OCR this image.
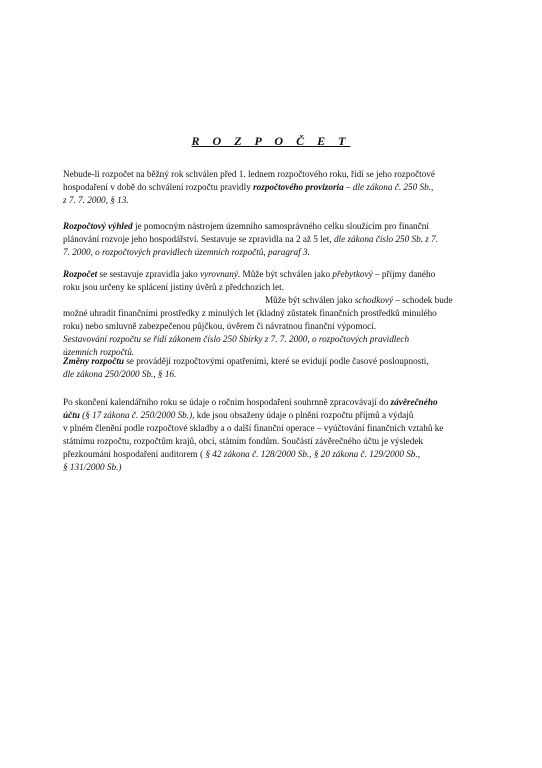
R O Z P O Č E T
Nebude-li rozpočet na běžný rok schválen před 1. lednem rozpočtového roku, řídí se jeho rozpočtové
hospodaření v době do schválení rozpočtu pravidly rozpočtového provizoria – dle zákona č. 250 Sb.,
z 7. 7. 2000, § 13.
Rozpočtový výhled je pomocným nástrojem územního samosprávného celku sloužícím pro finanční
plánování rozvoje jeho hospodářství. Sestavuje se zpravidla na 2 až 5 let, dle zákona číslo 250 Sb. z 7.
7. 2000, o rozpočtových pravidlech územních rozpočtů, paragraf 3.
Rozpočet se sestavuje zpravidla jako vyrovnaný. Může být schválen jako přebytkový – příjmy daného
roku jsou určeny ke splácení jistiny úvěrů z předchozích let.
Může být schválen jako schodkový – schodek bude
možné uhradit finančními prostředky z minulých let (kladný zůstatek finančních prostředků minulého
roku) nebo smluvně zabezpečenou půjčkou, úvěrem či návratnou finanční výpomocí.
Sestavování rozpočtu se řídí zákonem číslo 250 Sbírky z 7. 7. 2000, o rozpočtových pravidlech
územních rozpočtů.
Změny rozpočtu se provádějí rozpočtovými opatřeními, které se evidují podle časové posloupnosti,
dle zákona 250/2000 Sb., § 16.
Po skončení kalendářního roku se údaje o ročním hospodaření souhrnně zpracovávají do závěrečného
účtu (§ 17 zákona č. 250/2000 Sb.), kde jsou obsaženy údaje o plnění rozpočtu příjmů a výdajů
v plném členění podle rozpočtové skladby a o další finanční operace – vyúčtování finančních vztahů ke
státnímu rozpočtu, rozpočtům krajů, obcí, státním fondům. Součástí závěrečného účtu je výsledek
přezkoumání hospodaření auditorem ( § 42 zákona č. 128/2000 Sb., § 20 zákona č. 129/2000 Sb.,
§ 131/2000 Sb.)
